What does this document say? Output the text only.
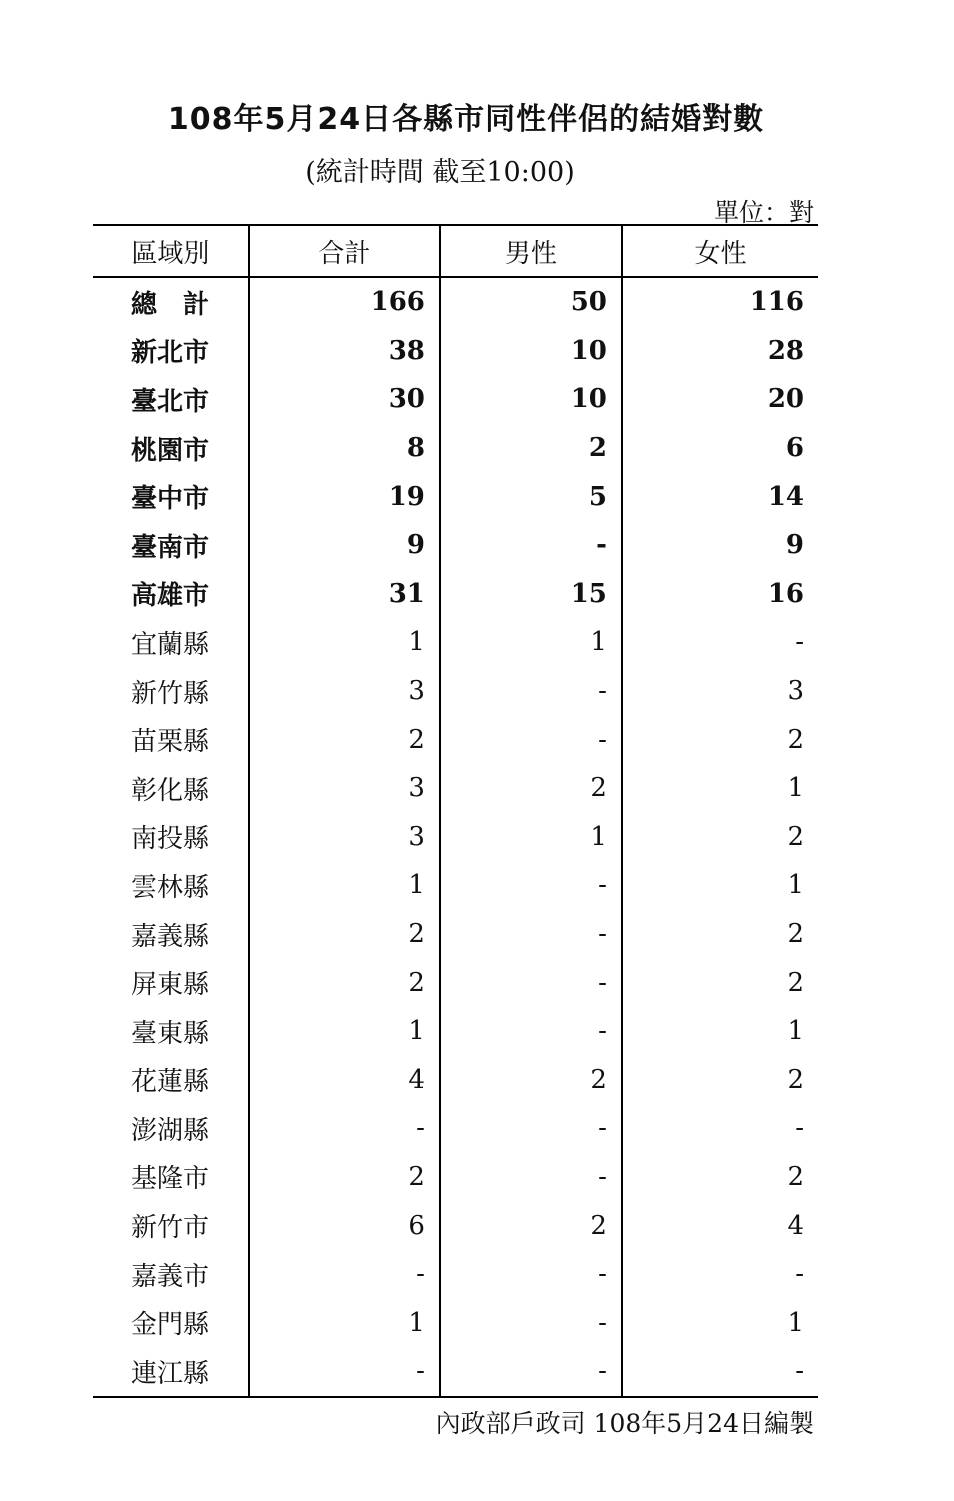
108年5月24日各縣市同性伴侶的結婚對數
(統計時間 截至10:00)
單位：對
區域別	合計	男性	女性
總　計	166	50	116
新北市	38	10	28
臺北市	30	10	20
桃園市	8	2	6
臺中市	19	5	14
臺南市	9	-	9
高雄市	31	15	16
宜蘭縣	1	1	-
新竹縣	3	-	3
苗栗縣	2	-	2
彰化縣	3	2	1
南投縣	3	1	2
雲林縣	1	-	1
嘉義縣	2	-	2
屏東縣	2	-	2
臺東縣	1	-	1
花蓮縣	4	2	2
澎湖縣	-	-	-
基隆市	2	-	2
新竹市	6	2	4
嘉義市	-	-	-
金門縣	1	-	1
連江縣	-	-	-
內政部戶政司 108年5月24日編製
